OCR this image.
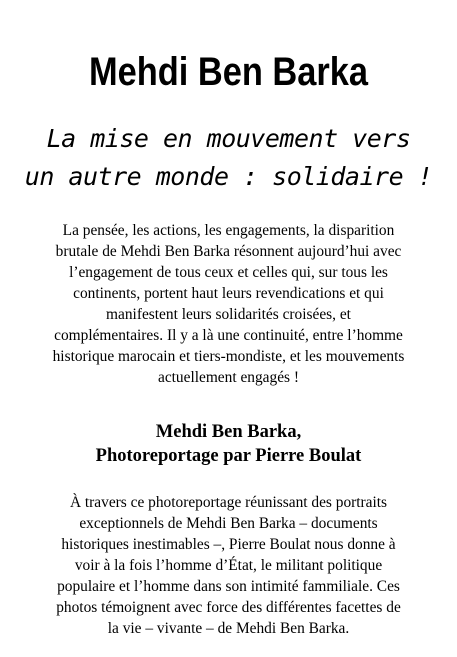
Mehdi Ben Barka
La mise en mouvement vers
un autre monde : solidaire !
La pensée, les actions, les engagements, la disparition
brutale de Mehdi Ben Barka résonnent aujourd’hui avec
l’engagement de tous ceux et celles qui, sur tous les
continents, portent haut leurs revendications et qui
manifestent leurs solidarités croisées, et
complémentaires. Il y a là une continuité, entre l’homme
historique marocain et tiers-mondiste, et les mouvements
actuellement engagés !
Mehdi Ben Barka,
Photoreportage par Pierre Boulat
À travers ce photoreportage réunissant des portraits
exceptionnels de Mehdi Ben Barka – documents
historiques inestimables –, Pierre Boulat nous donne à
voir à la fois l’homme d’État, le militant politique
populaire et l’homme dans son intimité fammiliale. Ces
photos témoignent avec force des différentes facettes de
la vie – vivante – de Mehdi Ben Barka.
